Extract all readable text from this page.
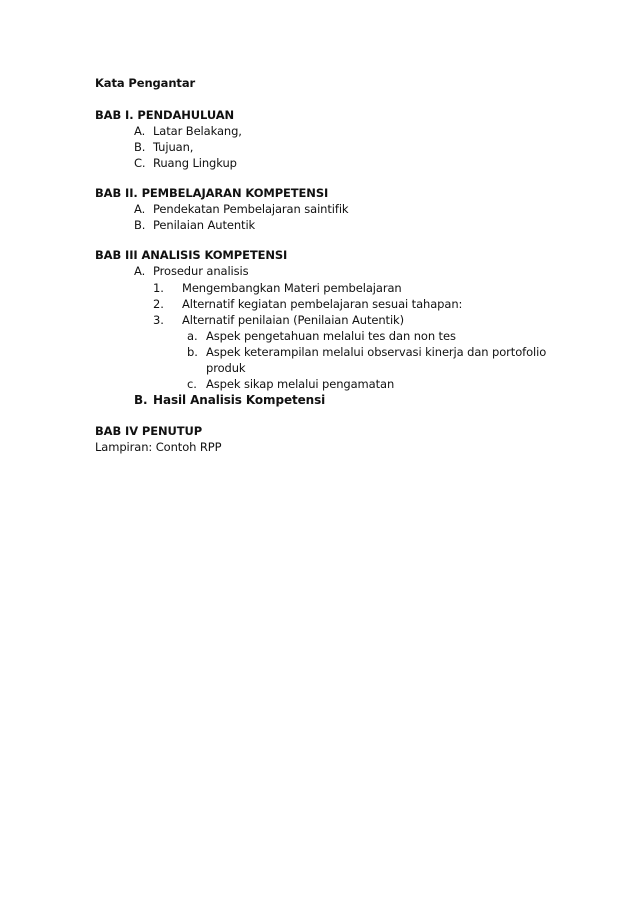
Kata Pengantar
BAB I. PENDAHULUAN
A. Latar Belakang,
B. Tujuan,
C. Ruang Lingkup
BAB II. PEMBELAJARAN KOMPETENSI
A. Pendekatan Pembelajaran saintifik
B. Penilaian Autentik
BAB III ANALISIS KOMPETENSI
A. Prosedur analisis
1. Mengembangkan Materi pembelajaran
2. Alternatif kegiatan pembelajaran sesuai tahapan:
3. Alternatif penilaian (Penilaian Autentik)
a. Aspek pengetahuan melalui tes dan non tes
b. Aspek keterampilan melalui observasi kinerja dan portofolio
produk
c. Aspek sikap melalui pengamatan
B. Hasil Analisis Kompetensi
BAB IV PENUTUP
Lampiran: Contoh RPP
